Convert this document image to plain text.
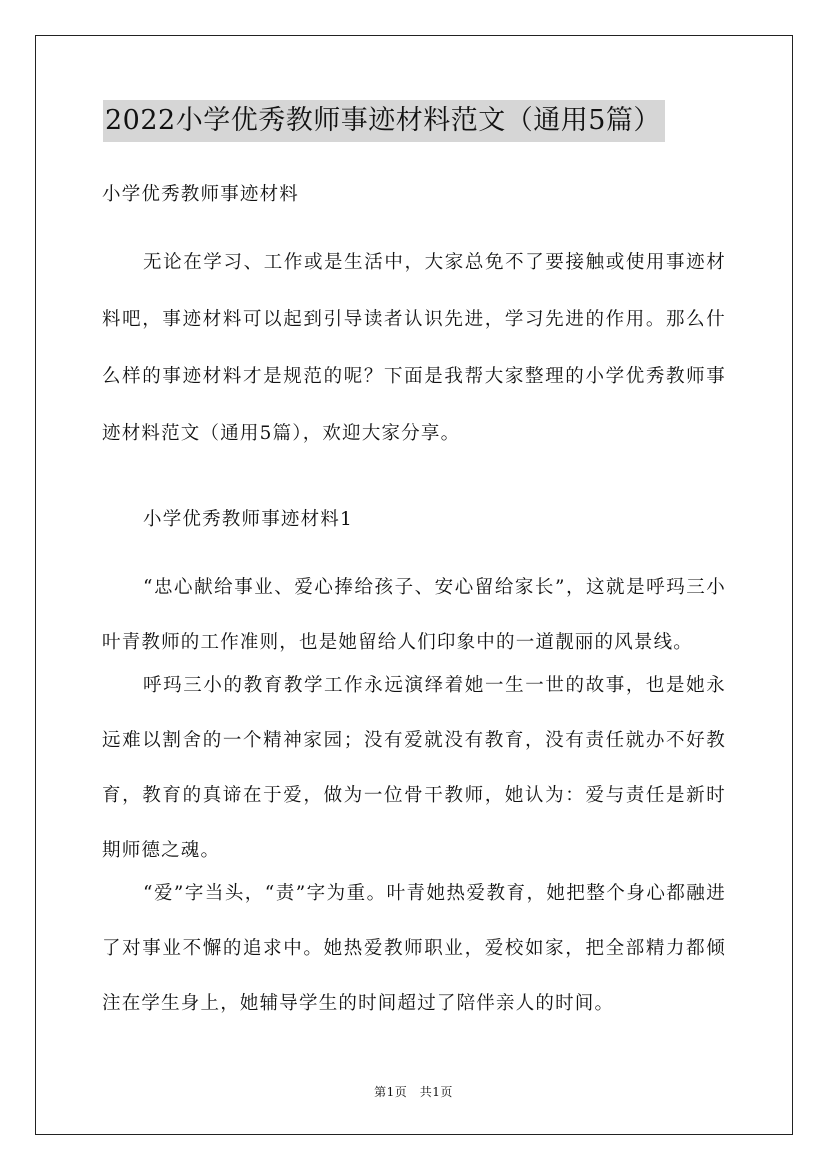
2022小学优秀教师事迹材料范文（通用5篇）
小学优秀教师事迹材料
无论在学习、工作或是生活中，大家总免不了要接触或使用事迹材料吧，事迹材料可以起到引导读者认识先进，学习先进的作用。那么什么样的事迹材料才是规范的呢？下面是我帮大家整理的小学优秀教师事迹材料范文（通用5篇），欢迎大家分享。
小学优秀教师事迹材料1
“忠心献给事业、爱心捧给孩子、安心留给家长”，这就是呼玛三小叶青教师的工作准则，也是她留给人们印象中的一道靓丽的风景线。
呼玛三小的教育教学工作永远演绎着她一生一世的故事，也是她永远难以割舍的一个精神家园；没有爱就没有教育，没有责任就办不好教育，教育的真谛在于爱，做为一位骨干教师，她认为：爱与责任是新时期师德之魂。
“爱”字当头，“责”字为重。叶青她热爱教育，她把整个身心都融进了对事业不懈的追求中。她热爱教师职业，爱校如家，把全部精力都倾注在学生身上，她辅导学生的时间超过了陪伴亲人的时间。
第1页　共1页
